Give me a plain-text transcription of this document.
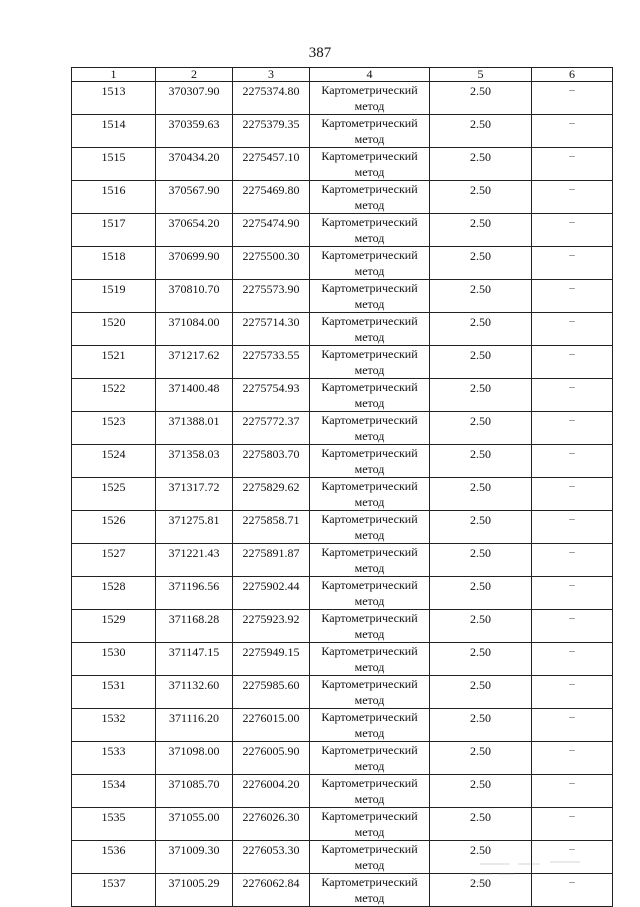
387
1	2	3	4	5	6

1513	370307.90	2275374.80	Картометрический
метод	2.50	–

1514	370359.63	2275379.35	Картометрический
метод	2.50	–

1515	370434.20	2275457.10	Картометрический
метод	2.50	–

1516	370567.90	2275469.80	Картометрический
метод	2.50	–

1517	370654.20	2275474.90	Картометрический
метод	2.50	–

1518	370699.90	2275500.30	Картометрический
метод	2.50	–

1519	370810.70	2275573.90	Картометрический
метод	2.50	–

1520	371084.00	2275714.30	Картометрический
метод	2.50	–

1521	371217.62	2275733.55	Картометрический
метод	2.50	–

1522	371400.48	2275754.93	Картометрический
метод	2.50	–

1523	371388.01	2275772.37	Картометрический
метод	2.50	–

1524	371358.03	2275803.70	Картометрический
метод	2.50	–

1525	371317.72	2275829.62	Картометрический
метод	2.50	–

1526	371275.81	2275858.71	Картометрический
метод	2.50	–

1527	371221.43	2275891.87	Картометрический
метод	2.50	–

1528	371196.56	2275902.44	Картометрический
метод	2.50	–

1529	371168.28	2275923.92	Картометрический
метод	2.50	–

1530	371147.15	2275949.15	Картометрический
метод	2.50	–

1531	371132.60	2275985.60	Картометрический
метод	2.50	–

1532	371116.20	2276015.00	Картометрический
метод	2.50	–

1533	371098.00	2276005.90	Картометрический
метод	2.50	–

1534	371085.70	2276004.20	Картометрический
метод	2.50	–

1535	371055.00	2276026.30	Картометрический
метод	2.50	–

1536	371009.30	2276053.30	Картометрический
метод	2.50	–

1537	371005.29	2276062.84	Картометрический
метод	2.50	–
